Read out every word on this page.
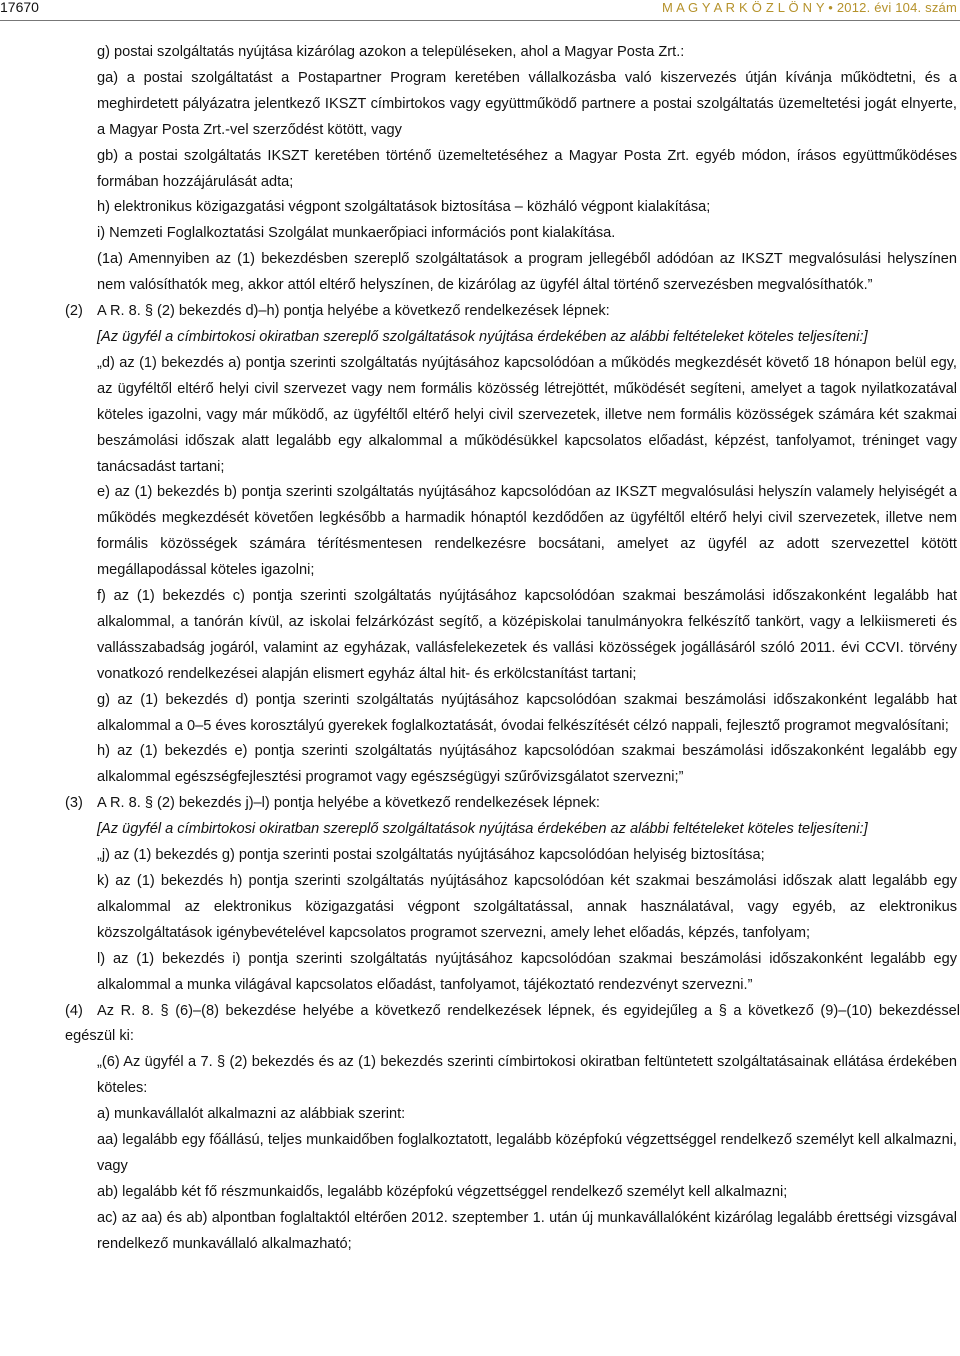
17670	M A G Y A R K Ö Z L Ö N Y • 2012. évi 104. szám

g) postai szolgáltatás nyújtása kizárólag azokon a településeken, ahol a Magyar Posta Zrt.:

ga) a postai szolgáltatást a Postapartner Program keretében vállalkozásba való kiszervezés útján kívánja működtetni, és a meghirdetett pályázatra jelentkező IKSZT címbirtokos vagy együttműködő partnere a postai szolgáltatás üzemeltetési jogát elnyerte, a Magyar Posta Zrt.-vel szerződést kötött, vagy

gb) a postai szolgáltatás IKSZT keretében történő üzemeltetéséhez a Magyar Posta Zrt. egyéb módon, írásos együttműködéses formában hozzájárulását adta;

h) elektronikus közigazgatási végpont szolgáltatások biztosítása – közháló végpont kialakítása;

i) Nemzeti Foglalkoztatási Szolgálat munkaerőpiaci információs pont kialakítása.

(1a) Amennyiben az (1) bekezdésben szereplő szolgáltatások a program jellegéből adódóan az IKSZT megvalósulási helyszínen nem valósíthatók meg, akkor attól eltérő helyszínen, de kizárólag az ügyfél által történő szervezésben megvalósíthatók.”

(2) A R. 8. § (2) bekezdés d)–h) pontja helyébe a következő rendelkezések lépnek:

[Az ügyfél a címbirtokosi okiratban szereplő szolgáltatások nyújtása érdekében az alábbi feltételeket köteles teljesíteni:]

„d) az (1) bekezdés a) pontja szerinti szolgáltatás nyújtásához kapcsolódóan a működés megkezdését követő 18 hónapon belül egy, az ügyféltől eltérő helyi civil szervezet vagy nem formális közösség létrejöttét, működését segíteni, amelyet a tagok nyilatkozatával köteles igazolni, vagy már működő, az ügyféltől eltérő helyi civil szervezetek, illetve nem formális közösségek számára két szakmai beszámolási időszak alatt legalább egy alkalommal a működésükkel kapcsolatos előadást, képzést, tanfolyamot, tréninget vagy tanácsadást tartani;

e) az (1) bekezdés b) pontja szerinti szolgáltatás nyújtásához kapcsolódóan az IKSZT megvalósulási helyszín valamely helyiségét a működés megkezdését követően legkésőbb a harmadik hónaptól kezdődően az ügyféltől eltérő helyi civil szervezetek, illetve nem formális közösségek számára térítésmentesen rendelkezésre bocsátani, amelyet az ügyfél az adott szervezettel kötött megállapodással köteles igazolni;

f) az (1) bekezdés c) pontja szerinti szolgáltatás nyújtásához kapcsolódóan szakmai beszámolási időszakonként legalább hat alkalommal, a tanórán kívül, az iskolai felzárkózást segítő, a középiskolai tanulmányokra felkészítő tankört, vagy a lelkiismereti és vallásszabadság jogáról, valamint az egyházak, vallásfelekezetek és vallási közösségek jogállásáról szóló 2011. évi CCVI. törvény vonatkozó rendelkezései alapján elismert egyház által hit- és erkölcstanítást tartani;

g) az (1) bekezdés d) pontja szerinti szolgáltatás nyújtásához kapcsolódóan szakmai beszámolási időszakonként legalább hat alkalommal a 0–5 éves korosztályú gyerekek foglalkoztatását, óvodai felkészítését célzó nappali, fejlesztő programot megvalósítani;

h) az (1) bekezdés e) pontja szerinti szolgáltatás nyújtásához kapcsolódóan szakmai beszámolási időszakonként legalább egy alkalommal egészségfejlesztési programot vagy egészségügyi szűrővizsgálatot szervezni;”

(3) A R. 8. § (2) bekezdés j)–l) pontja helyébe a következő rendelkezések lépnek:

[Az ügyfél a címbirtokosi okiratban szereplő szolgáltatások nyújtása érdekében az alábbi feltételeket köteles teljesíteni:]

„j) az (1) bekezdés g) pontja szerinti postai szolgáltatás nyújtásához kapcsolódóan helyiség biztosítása;

k) az (1) bekezdés h) pontja szerinti szolgáltatás nyújtásához kapcsolódóan két szakmai beszámolási időszak alatt legalább egy alkalommal az elektronikus közigazgatási végpont szolgáltatással, annak használatával, vagy egyéb, az elektronikus közszolgáltatások igénybevételével kapcsolatos programot szervezni, amely lehet előadás, képzés, tanfolyam;

l) az (1) bekezdés i) pontja szerinti szolgáltatás nyújtásához kapcsolódóan szakmai beszámolási időszakonként legalább egy alkalommal a munka világával kapcsolatos előadást, tanfolyamot, tájékoztató rendezvényt szervezni.”

(4) Az R. 8. § (6)–(8) bekezdése helyébe a következő rendelkezések lépnek, és egyidejűleg a § a következő (9)–(10) bekezdéssel egészül ki:

„(6) Az ügyfél a 7. § (2) bekezdés és az (1) bekezdés szerinti címbirtokosi okiratban feltüntetett szolgáltatásainak ellátása érdekében köteles:

a) munkavállalót alkalmazni az alábbiak szerint:

aa) legalább egy főállású, teljes munkaidőben foglalkoztatott, legalább középfokú végzettséggel rendelkező személyt kell alkalmazni, vagy

ab) legalább két fő részmunkaidős, legalább középfokú végzettséggel rendelkező személyt kell alkalmazni;

ac) az aa) és ab) alpontban foglaltaktól eltérően 2012. szeptember 1. után új munkavállalóként kizárólag legalább érettségi vizsgával rendelkező munkavállaló alkalmazható;
